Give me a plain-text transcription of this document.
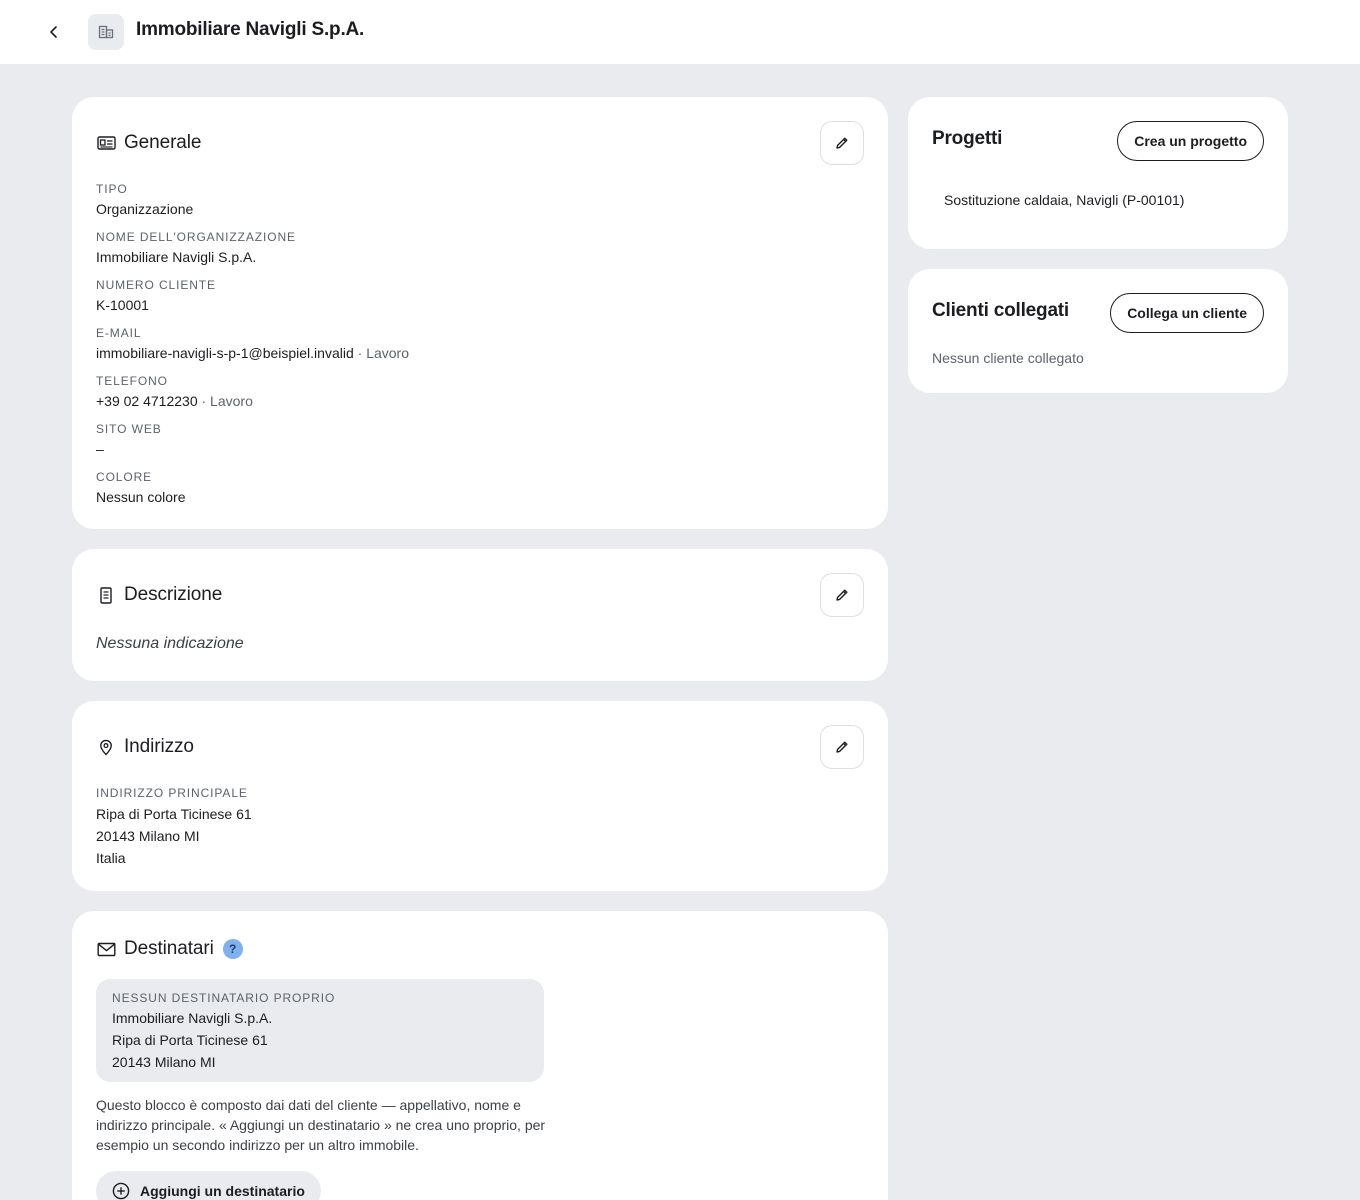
Immobiliare Navigli S.p.A.
Generale
TIPO
Organizzazione
NOME DELL'ORGANIZZAZIONE
Immobiliare Navigli S.p.A.
NUMERO CLIENTE
K-10001
E-MAIL
immobiliare-navigli-s-p-1@beispiel.invalid · Lavoro
TELEFONO
+39 02 4712230 · Lavoro
SITO WEB
–
COLORE
Nessun colore
Descrizione
Nessuna indicazione
Indirizzo
INDIRIZZO PRINCIPALE
Ripa di Porta Ticinese 61
20143 Milano MI
Italia
Destinatari	?
NESSUN DESTINATARIO PROPRIO
Immobiliare Navigli S.p.A.
Ripa di Porta Ticinese 61
20143 Milano MI
Questo blocco è composto dai dati del cliente — appellativo, nome e indirizzo principale. « Aggiungi un destinatario » ne crea uno proprio, per esempio un secondo indirizzo per un altro immobile.
Aggiungi un destinatario
Progetti	Crea un progetto
Sostituzione caldaia, Navigli (P-00101)
Clienti collegati	Collega un cliente
Nessun cliente collegato
